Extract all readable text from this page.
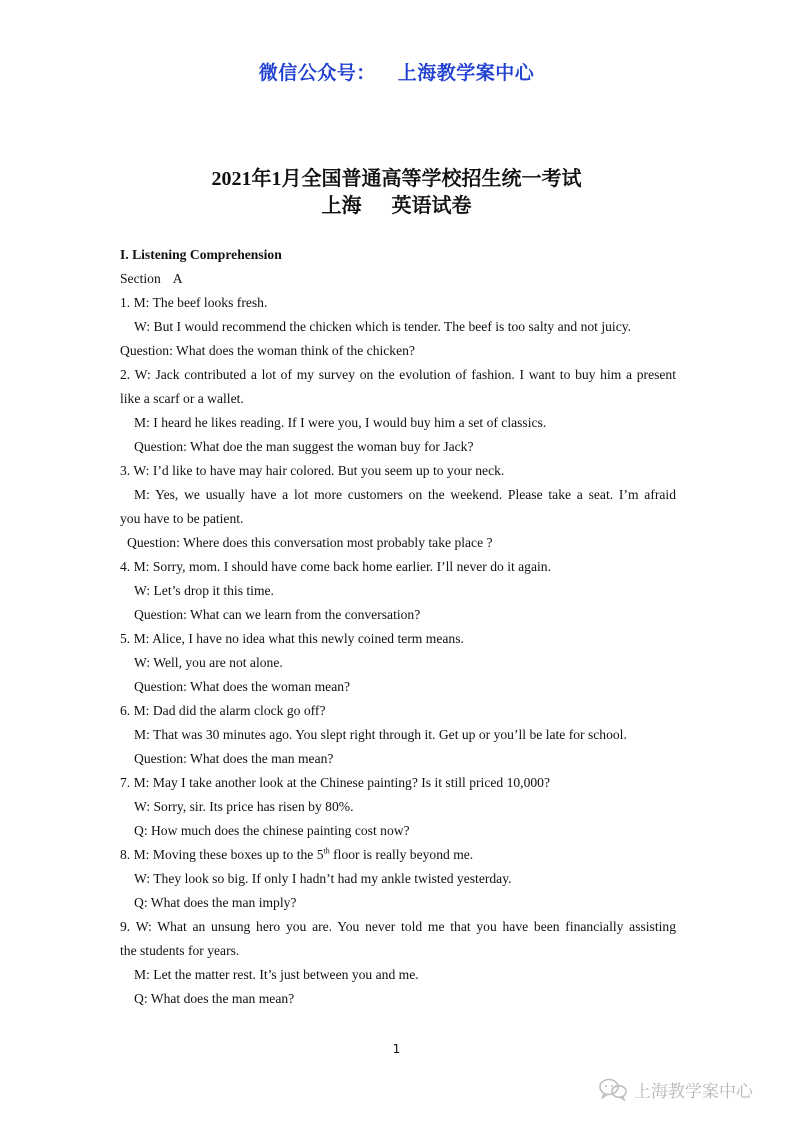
微信公众号： 上海教学案中心
2021年1月全国普通高等学校招生统一考试
上海 英语试卷
I. Listening Comprehension
Section A
1. M: The beef looks fresh.
W: But I would recommend the chicken which is tender. The beef is too salty and not juicy.
Question: What does the woman think of the chicken?
2. W: Jack contributed a lot of my survey on the evolution of fashion. I want to buy him a present
like a scarf or a wallet.
M: I heard he likes reading. If I were you, I would buy him a set of classics.
Question: What doe the man suggest the woman buy for Jack?
3. W: I’d like to have may hair colored. But you seem up to your neck.
M: Yes, we usually have a lot more customers on the weekend. Please take a seat. I’m afraid
you have to be patient.
Question: Where does this conversation most probably take place ?
4. M: Sorry, mom. I should have come back home earlier. I’ll never do it again.
W: Let’s drop it this time.
Question: What can we learn from the conversation?
5. M: Alice, I have no idea what this newly coined term means.
W: Well, you are not alone.
Question: What does the woman mean?
6. M: Dad did the alarm clock go off?
M: That was 30 minutes ago. You slept right through it. Get up or you’ll be late for school.
Question: What does the man mean?
7. M: May I take another look at the Chinese painting? Is it still priced 10,000?
W: Sorry, sir. Its price has risen by 80%.
Q: How much does the chinese painting cost now?
8. M: Moving these boxes up to the 5th floor is really beyond me.
W: They look so big. If only I hadn’t had my ankle twisted yesterday.
Q: What does the man imply?
9. W: What an unsung hero you are. You never told me that you have been financially assisting
the students for years.
M: Let the matter rest. It’s just between you and me.
Q: What does the man mean?
1
上海教学案中心
